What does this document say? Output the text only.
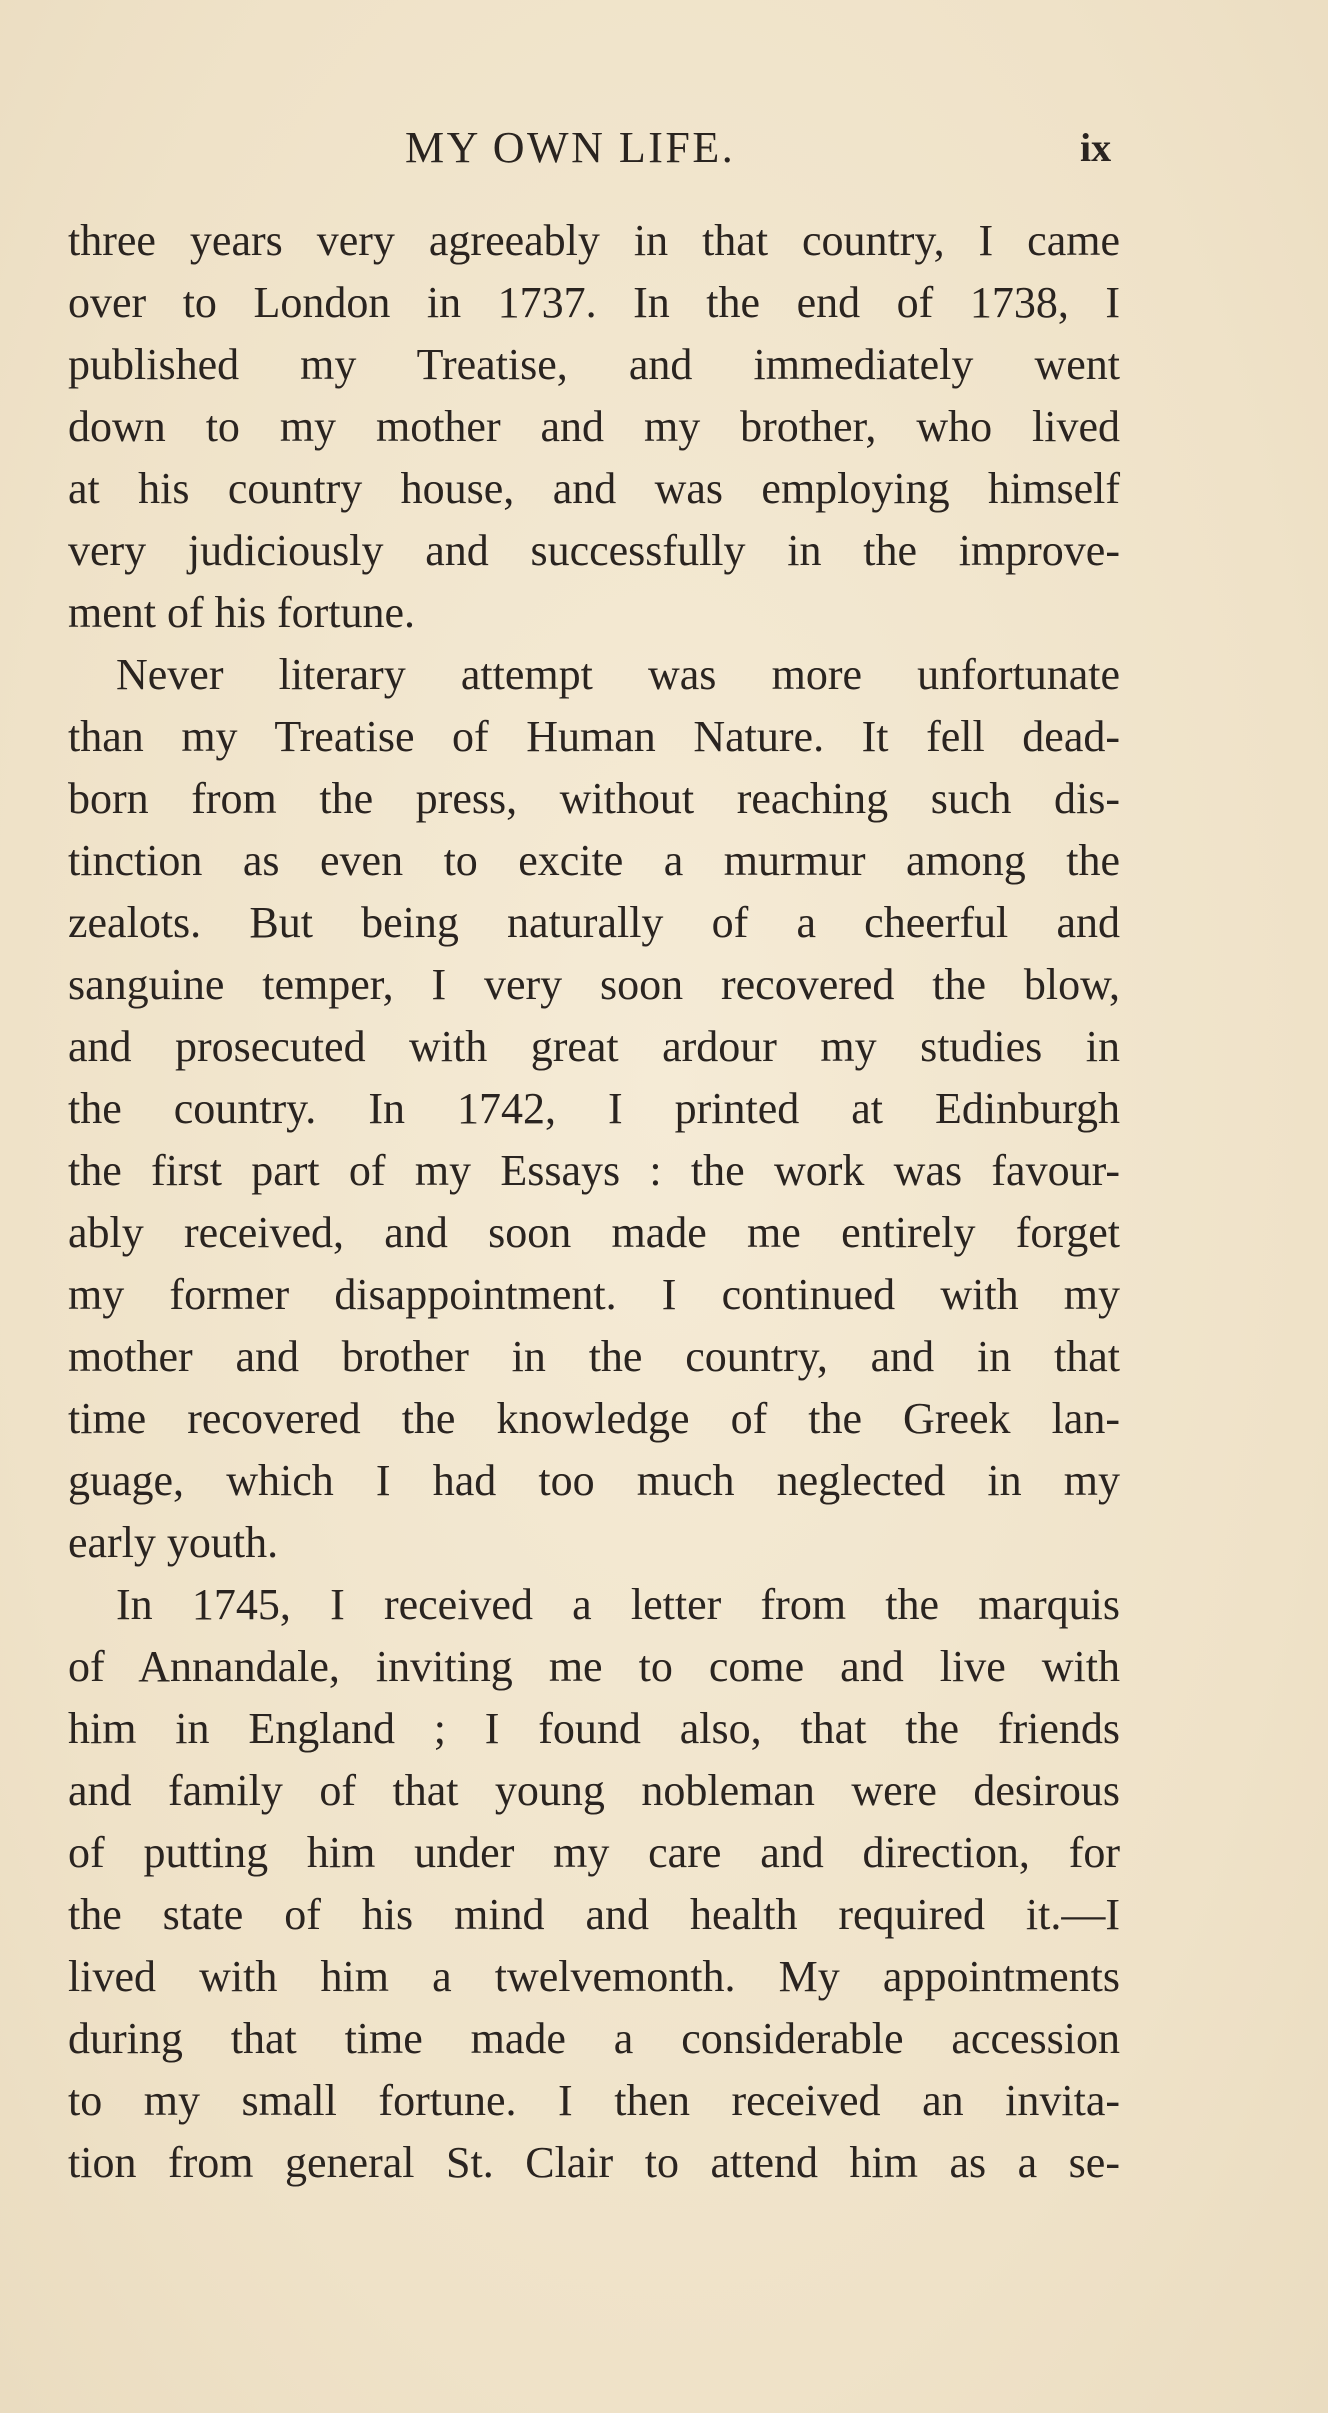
MY OWN LIFE.	ix
three years very agreeably in that country, I came
over to London in 1737. In the end of 1738, I
published my Treatise, and immediately went
down to my mother and my brother, who lived
at his country house, and was employing himself
very judiciously and successfully in the improve-
ment of his fortune.
Never literary attempt was more unfortunate
than my Treatise of Human Nature. It fell dead-
born from the press, without reaching such dis-
tinction as even to excite a murmur among the
zealots. But being naturally of a cheerful and
sanguine temper, I very soon recovered the blow,
and prosecuted with great ardour my studies in
the country. In 1742, I printed at Edinburgh
the first part of my Essays : the work was favour-
ably received, and soon made me entirely forget
my former disappointment. I continued with my
mother and brother in the country, and in that
time recovered the knowledge of the Greek lan-
guage, which I had too much neglected in my
early youth.
In 1745, I received a letter from the marquis
of Annandale, inviting me to come and live with
him in England ; I found also, that the friends
and family of that young nobleman were desirous
of putting him under my care and direction, for
the state of his mind and health required it.—I
lived with him a twelvemonth. My appointments
during that time made a considerable accession
to my small fortune. I then received an invita-
tion from general St. Clair to attend him as a se-
